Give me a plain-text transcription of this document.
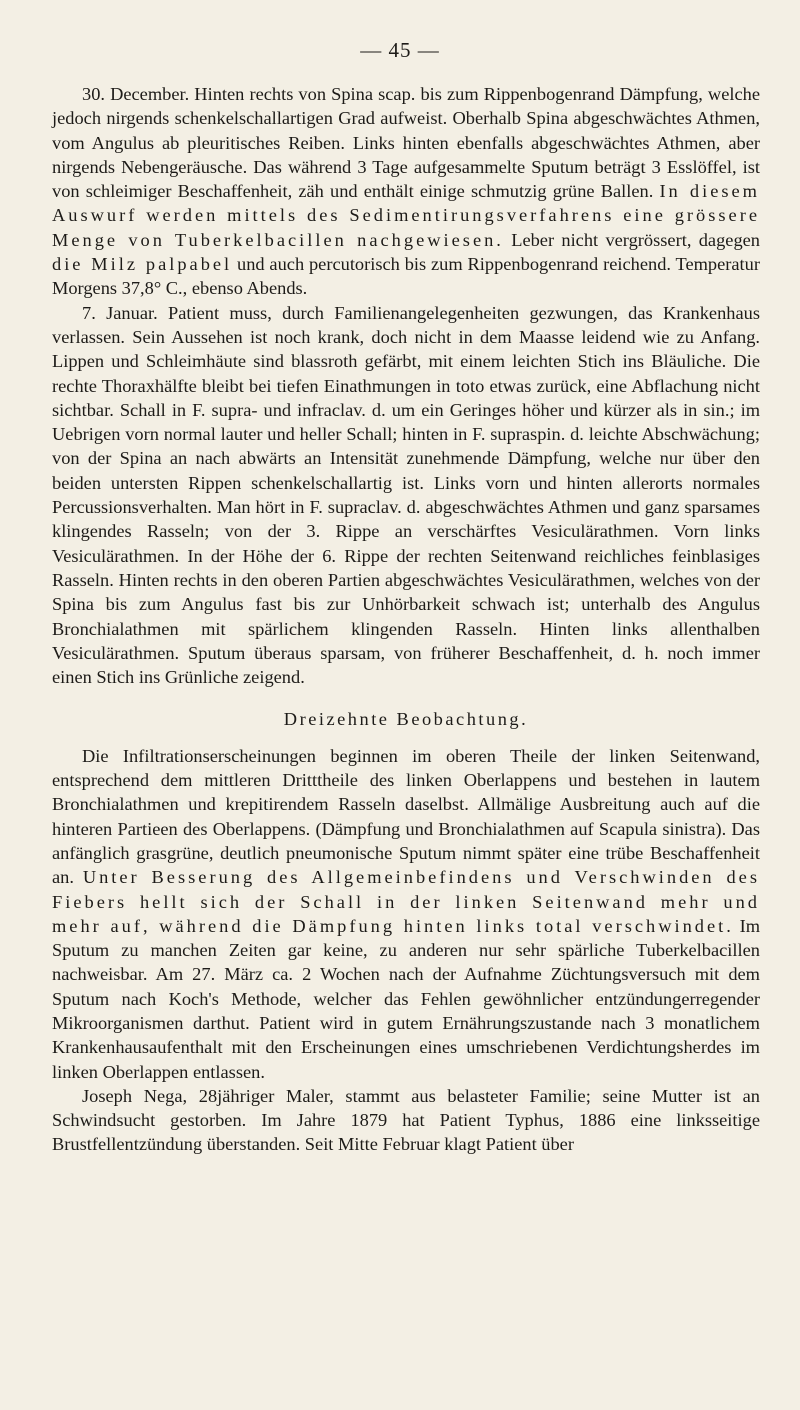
— 45 —

30. December. Hinten rechts von Spina scap. bis zum Rippenbogenrand Dämpfung, welche jedoch nirgends schenkelschallartigen Grad aufweist. Oberhalb Spina abgeschwächtes Athmen, vom Angulus ab pleuritisches Reiben. Links hinten ebenfalls abgeschwächtes Athmen, aber nirgends Nebengeräusche. Das während 3 Tage aufgesammelte Sputum beträgt 3 Esslöffel, ist von schleimiger Beschaffenheit, zäh und enthält einige schmutzig grüne Ballen. In diesem Auswurf werden mittels des Sedimentirungsverfahrens eine grössere Menge von Tuberkelbacillen nachgewiesen. Leber nicht vergrössert, dagegen die Milz palpabel und auch percutorisch bis zum Rippenbogenrand reichend. Temperatur Morgens 37,8° C., ebenso Abends.

7. Januar. Patient muss, durch Familienangelegenheiten gezwungen, das Krankenhaus verlassen. Sein Aussehen ist noch krank, doch nicht in dem Maasse leidend wie zu Anfang. Lippen und Schleimhäute sind blassroth gefärbt, mit einem leichten Stich ins Bläuliche. Die rechte Thoraxhälfte bleibt bei tiefen Einathmungen in toto etwas zurück, eine Abflachung nicht sichtbar. Schall in F. supra- und infraclav. d. um ein Geringes höher und kürzer als in sin.; im Uebrigen vorn normal lauter und heller Schall; hinten in F. supraspin. d. leichte Abschwächung; von der Spina an nach abwärts an Intensität zunehmende Dämpfung, welche nur über den beiden untersten Rippen schenkelschallartig ist. Links vorn und hinten allerorts normales Percussionsverhalten. Man hört in F. supraclav. d. abgeschwächtes Athmen und ganz sparsames klingendes Rasseln; von der 3. Rippe an verschärftes Vesiculärathmen. Vorn links Vesiculärathmen. In der Höhe der 6. Rippe der rechten Seitenwand reichliches feinblasiges Rasseln. Hinten rechts in den oberen Partien abgeschwächtes Vesiculärathmen, welches von der Spina bis zum Angulus fast bis zur Unhörbarkeit schwach ist; unterhalb des Angulus Bronchialathmen mit spärlichem klingenden Rasseln. Hinten links allenthalben Vesiculärathmen. Sputum überaus sparsam, von früherer Beschaffenheit, d. h. noch immer einen Stich ins Grünliche zeigend.

Dreizehnte Beobachtung.

Die Infiltrationserscheinungen beginnen im oberen Theile der linken Seitenwand, entsprechend dem mittleren Dritttheile des linken Oberlappens und bestehen in lautem Bronchialathmen und krepitirendem Rasseln daselbst. Allmälige Ausbreitung auch auf die hinteren Partieen des Oberlappens. (Dämpfung und Bronchialathmen auf Scapula sinistra). Das anfänglich grasgrüne, deutlich pneumonische Sputum nimmt später eine trübe Beschaffenheit an. Unter Besserung des Allgemeinbefindens und Verschwinden des Fiebers hellt sich der Schall in der linken Seitenwand mehr und mehr auf, während die Dämpfung hinten links total verschwindet. Im Sputum zu manchen Zeiten gar keine, zu anderen nur sehr spärliche Tuberkelbacillen nachweisbar. Am 27. März ca. 2 Wochen nach der Aufnahme Züchtungsversuch mit dem Sputum nach Koch's Methode, welcher das Fehlen gewöhnlicher entzündungerregender Mikroorganismen darthut. Patient wird in gutem Ernährungszustande nach 3 monatlichem Krankenhausaufenthalt mit den Erscheinungen eines umschriebenen Verdichtungsherdes im linken Oberlappen entlassen.

Joseph Nega, 28jähriger Maler, stammt aus belasteter Familie; seine Mutter ist an Schwindsucht gestorben. Im Jahre 1879 hat Patient Typhus, 1886 eine linksseitige Brustfellentzündung überstanden. Seit Mitte Februar klagt Patient über
